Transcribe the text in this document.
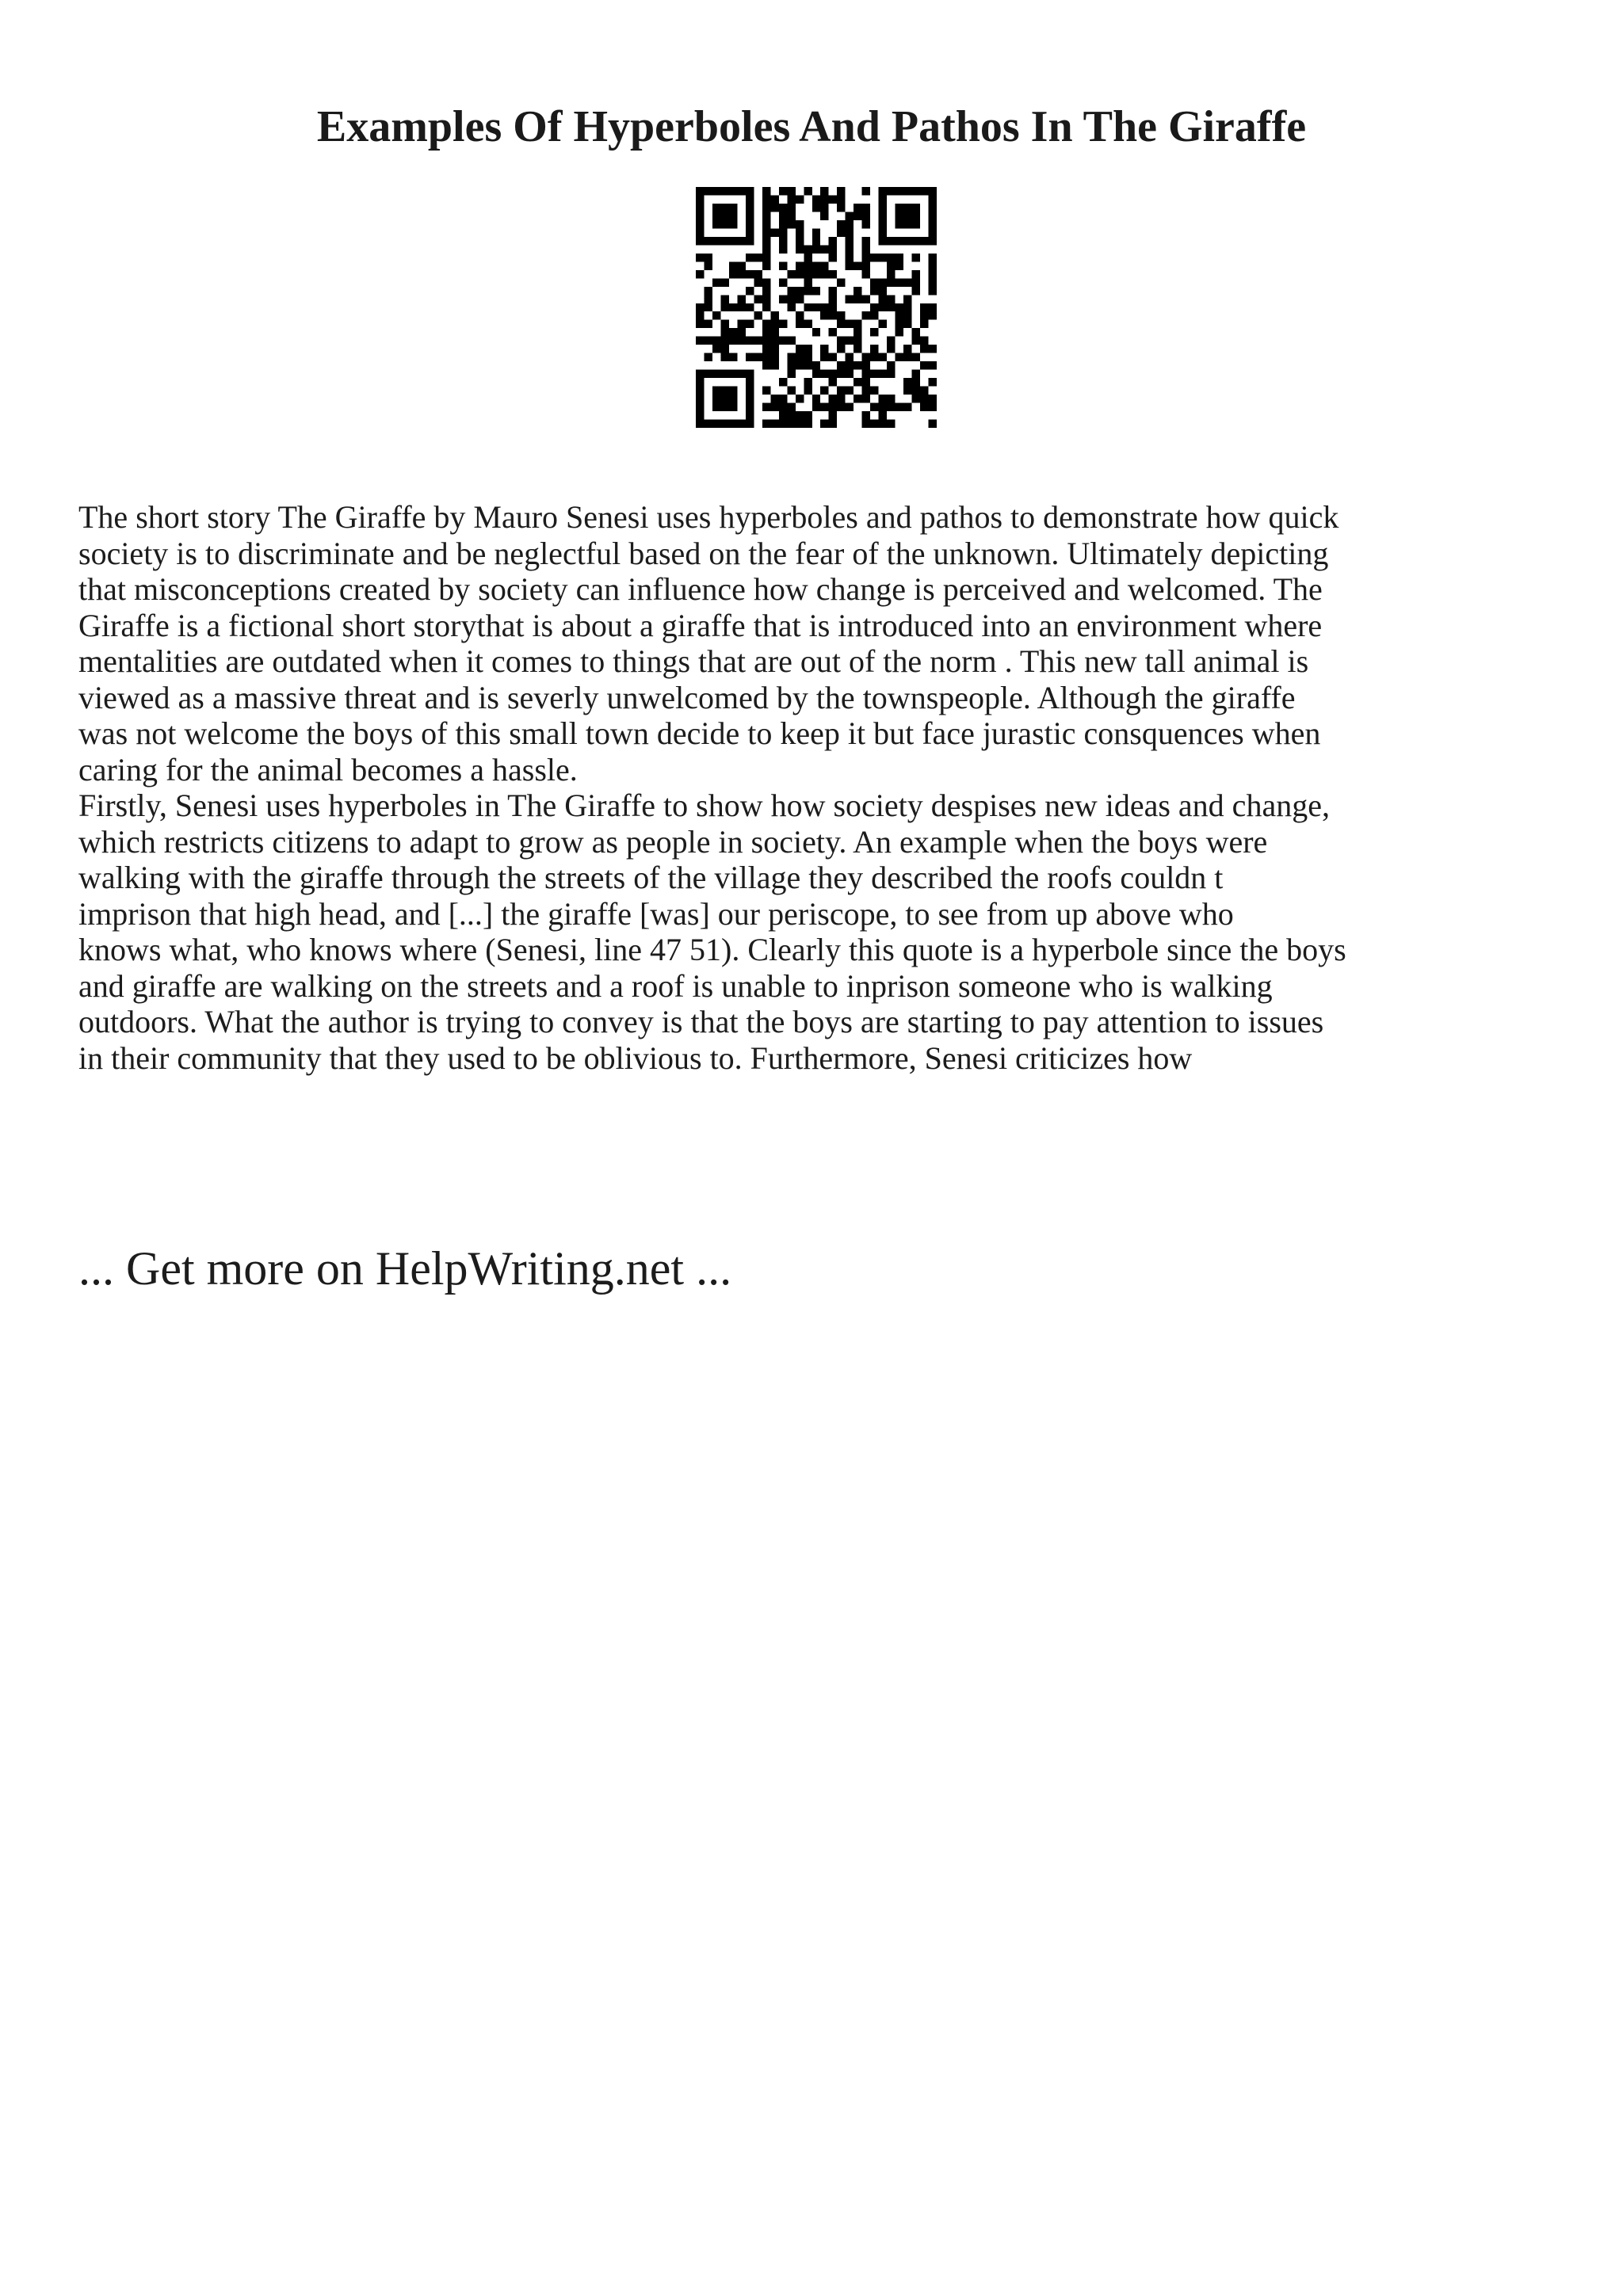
Examples Of Hyperboles And Pathos In The Giraffe

The short story The Giraffe by Mauro Senesi uses hyperboles and pathos to demonstrate how quick
society is to discriminate and be neglectful based on the fear of the unknown. Ultimately depicting
that misconceptions created by society can influence how change is perceived and welcomed. The
Giraffe is a fictional short storythat is about a giraffe that is introduced into an environment where
mentalities are outdated when it comes to things that are out of the norm . This new tall animal is
viewed as a massive threat and is severly unwelcomed by the townspeople. Although the giraffe
was not welcome the boys of this small town decide to keep it but face jurastic consquences when
caring for the animal becomes a hassle.

Firstly, Senesi uses hyperboles in The Giraffe to show how society despises new ideas and change,
which restricts citizens to adapt to grow as people in society. An example when the boys were
walking with the giraffe through the streets of the village they described the roofs couldn t
imprison that high head, and [...] the giraffe [was] our periscope, to see from up above who
knows what, who knows where (Senesi, line 47 51). Clearly this quote is a hyperbole since the boys
and giraffe are walking on the streets and a roof is unable to inprison someone who is walking
outdoors. What the author is trying to convey is that the boys are starting to pay attention to issues
in their community that they used to be oblivious to. Furthermore, Senesi criticizes how

... Get more on HelpWriting.net ...
